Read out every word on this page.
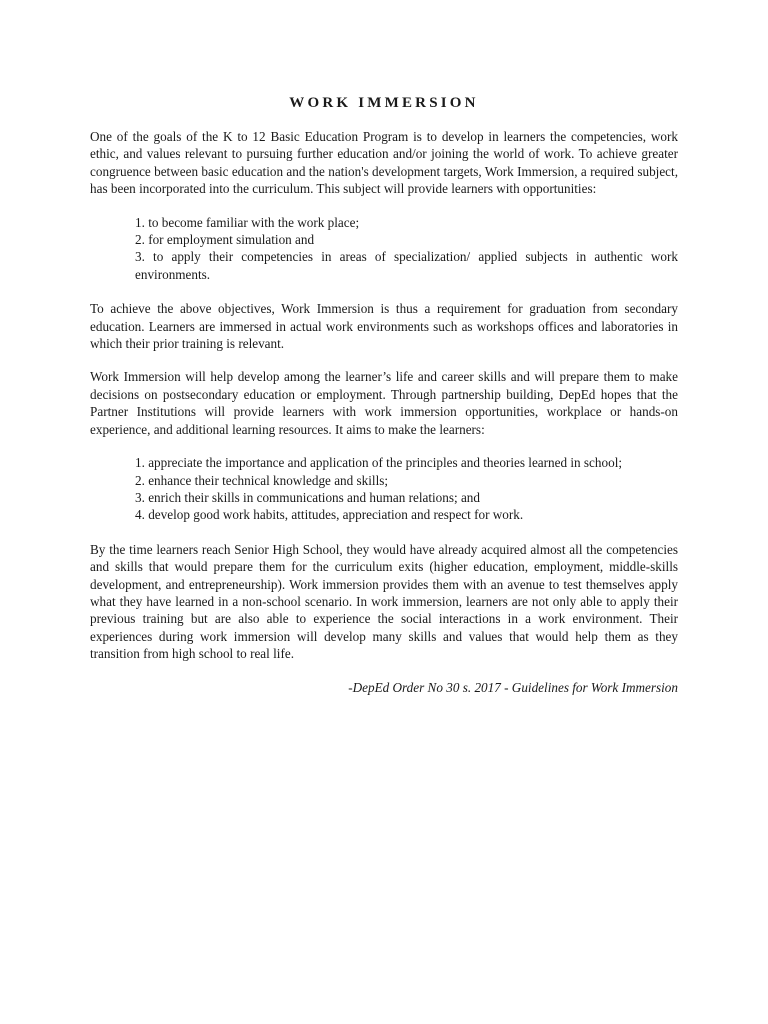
WORK IMMERSION

One of the goals of the K to 12 Basic Education Program is to develop in learners the competencies, work ethic, and values relevant to pursuing further education and/or joining the world of work. To achieve greater congruence between basic education and the nation's development targets, Work Immersion, a required subject, has been incorporated into the curriculum. This subject will provide learners with opportunities:

1. to become familiar with the work place;
2. for employment simulation and
3. to apply their competencies in areas of specialization/ applied subjects in authentic work environments.

To achieve the above objectives, Work Immersion is thus a requirement for graduation from secondary education. Learners are immersed in actual work environments such as workshops offices and laboratories in which their prior training is relevant.

Work Immersion will help develop among the learner’s life and career skills and will prepare them to make decisions on postsecondary education or employment. Through partnership building, DepEd hopes that the Partner Institutions will provide learners with work immersion opportunities, workplace or hands-on experience, and additional learning resources. It aims to make the learners:

1. appreciate the importance and application of the principles and theories learned in school;
2. enhance their technical knowledge and skills;
3. enrich their skills in communications and human relations; and
4. develop good work habits, attitudes, appreciation and respect for work.

By the time learners reach Senior High School, they would have already acquired almost all the competencies and skills that would prepare them for the curriculum exits (higher education, employment, middle-skills development, and entrepreneurship). Work immersion provides them with an avenue to test themselves apply what they have learned in a non-school scenario. In work immersion, learners are not only able to apply their previous training but are also able to experience the social interactions in a work environment. Their experiences during work immersion will develop many skills and values that would help them as they transition from high school to real life.

-DepEd Order No 30 s. 2017 - Guidelines for Work Immersion
